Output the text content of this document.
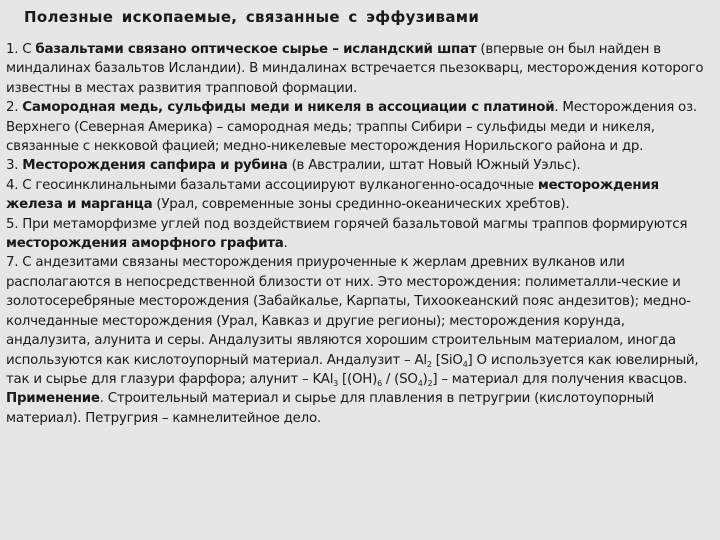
Полезные ископаемые, связанные с эффузивами

1. С базальтами связано оптическое сырье – исландский шпат (впервые он был найден в миндалинах базальтов Исландии). В миндалинах встречается пьезокварц, месторождения которого известны в местах развития трапповой формации.

2. Самородная медь, сульфиды меди и никеля в ассоциации с платиной. Месторождения оз. Верхнего (Северная Америка) – самородная медь; траппы Сибири – сульфиды меди и никеля, связанные с некковой фацией; медно-никелевые месторождения Норильского района и др.

3. Месторождения сапфира и рубина (в Австралии, штат Новый Южный Уэльс).

4. С геосинклинальными базальтами ассоциируют вулканогенно-осадочные месторождения железа и марганца (Урал, современные зоны срединно-океанических хребтов).

5. При метаморфизме углей под воздействием горячей базальтовой магмы траппов формируются месторождения аморфного графита.

7. С андезитами связаны месторождения приуроченные к жерлам древних вулканов или располагаются в непосредственной близости от них. Это месторождения: полиметалли-ческие и золотосеребряные месторождения (Забайкалье, Карпаты, Тихоокеанский пояс андезитов); медно-колчеданные месторождения (Урал, Кавказ и другие регионы); месторождения корунда, андалузита, алунита и серы. Андалузиты являются хорошим строительным материалом, иногда используются как кислотоупорный материал. Андалузит – $Al_2$ [SiO$_4$] O используется как ювелирный, так и сырье для глазури фарфора; алунит – KAl$_3$ $[(OH)_6 / (SO_4)_2]$ – материал для получения квасцов.

Применение. Строительный материал и сырье для плавления в петругрии (кислотоупорный материал). Петругрия – камнелитейное дело.
